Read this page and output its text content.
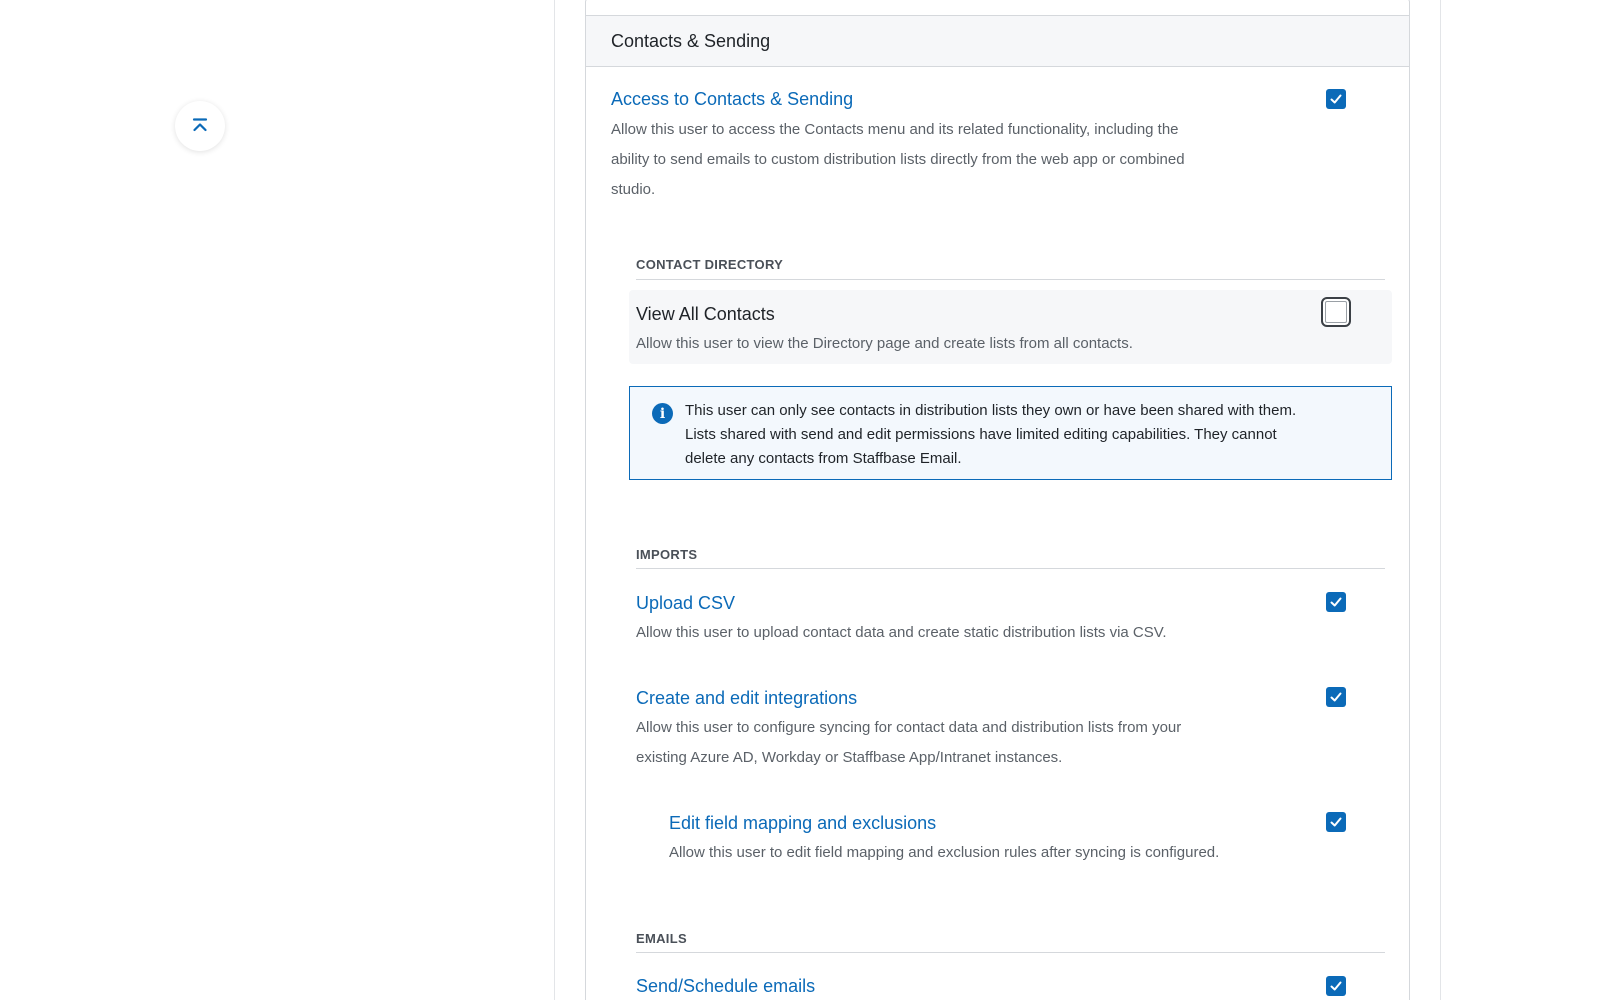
Contacts & Sending
Access to Contacts & Sending
Allow this user to access the Contacts menu and its related functionality, including the
ability to send emails to custom distribution lists directly from the web app or combined
studio.
CONTACT DIRECTORY
View All Contacts
Allow this user to view the Directory page and create lists from all contacts.
i	This user can only see contacts in distribution lists they own or have been shared with them.
Lists shared with send and edit permissions have limited editing capabilities. They cannot
delete any contacts from Staffbase Email.
IMPORTS
Upload CSV
Allow this user to upload contact data and create static distribution lists via CSV.
Create and edit integrations
Allow this user to configure syncing for contact data and distribution lists from your
existing Azure AD, Workday or Staffbase App/Intranet instances.
Edit field mapping and exclusions
Allow this user to edit field mapping and exclusion rules after syncing is configured.
EMAILS
Send/Schedule emails
